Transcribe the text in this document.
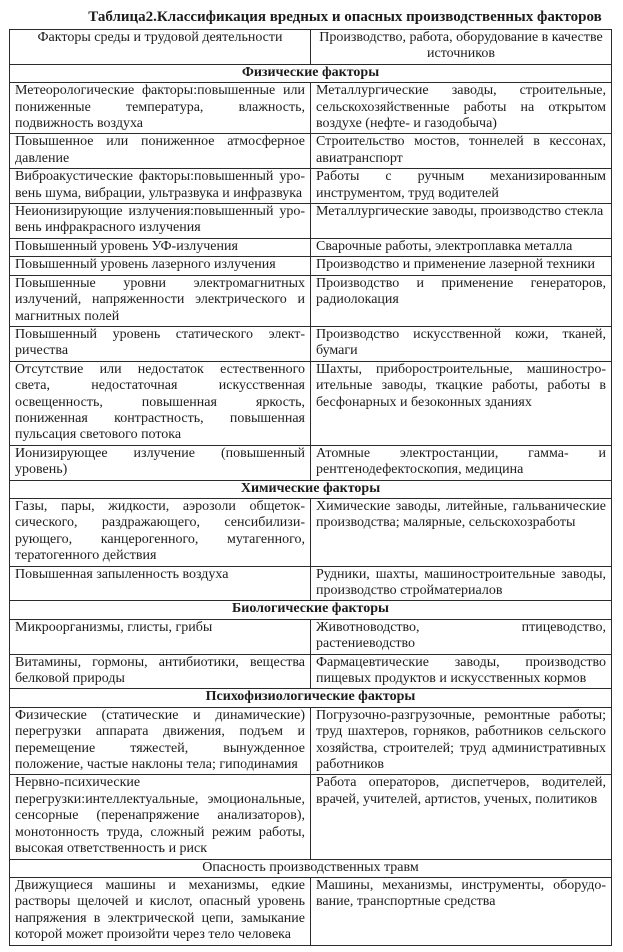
Таблица2.Классификация вредных и опасных производственных факторов
Факторы среды и трудовой деятельности	Производство, работа, оборудование в качестве источников
Физические факторы	
Метеорологические факторы:повышенные или пониженные температура, влажность, подвижность воздуха	Металлургические заводы, строительные, сельскохозяйственные работы на открытом воздухе (нефте- и газодобыча)
Повышенное или пониженное атмосферное давление	Строительство мостов, тоннелей в кессонах, авиатранспорт
Виброакустические факторы:повышенный уровень шума, вибрации, ультразвука и инфразвука	Работы с ручным механизированным инструментом, труд водителей
Неионизирующие излучения:повышенный уровень инфракрасного излучения	Металлургические заводы, производство стекла
Повышенный уровень УФ-излучения	Сварочные работы, электроплавка металла
Повышенный уровень лазерного излучения	Производство и применение лазерной техники
Повышенные уровни электромагнитных излучений, напряженности электрического и магнитных полей	Производство и применение генераторов, радиолокация
Повышенный уровень статического электричества	Производство искусственной кожи, тканей, бумаги
Отсутствие или недостаток естественного света, недостаточная искусственная освещенность, повышенная яркость, пониженная контрастность, повышенная пульсация светового потока	Шахты, приборостроительные, машиностроительные заводы, ткацкие работы, работы в бесфонарных и безоконных зданиях
Ионизирующее излучение (повышенный уровень)	Атомные электростанции, гамма- и рентгенодефектоскопия, медицина
Химические факторы	
Газы, пары, жидкости, аэрозоли общетоксического, раздражающего, сенсибилизирующего, канцерогенного, мутагенного, тератогенного действия	Химические заводы, литейные, гальванические производства; малярные, сельскохозработы
Повышенная запыленность воздуха	Рудники, шахты, машиностроительные заводы, производство стройматериалов
Биологические факторы	
Микроорганизмы, глисты, грибы	Животноводство, птицеводство, растениеводство
Витамины, гормоны, антибиотики, вещества белковой природы	Фармацевтические заводы, производство пищевых продуктов и искусственных кормов
Психофизиологические факторы	
Физические (статические и динамические) перегрузки аппарата движения, подъем и перемещение тяжестей, вынужденное положение, частые наклоны тела; гиподинамия	Погрузочно-разгрузочные, ремонтные работы; труд шахтеров, горняков, работников сельского хозяйства, строителей; труд административных работников
Нервно-психические перегрузки:интеллектуальные, эмоциональные, сенсорные (перенапряжение анализаторов), монотонность труда, сложный режим работы, высокая ответственность и риск	Работа операторов, диспетчеров, водителей, врачей, учителей, артистов, ученых, политиков
Опасность производственных травм	
Движущиеся машины и механизмы, едкие растворы щелочей и кислот, опасный уровень напряжения в электрической цепи, замыкание которой может произойти через тело человека	Машины, механизмы, инструменты, оборудование, транспортные средства
